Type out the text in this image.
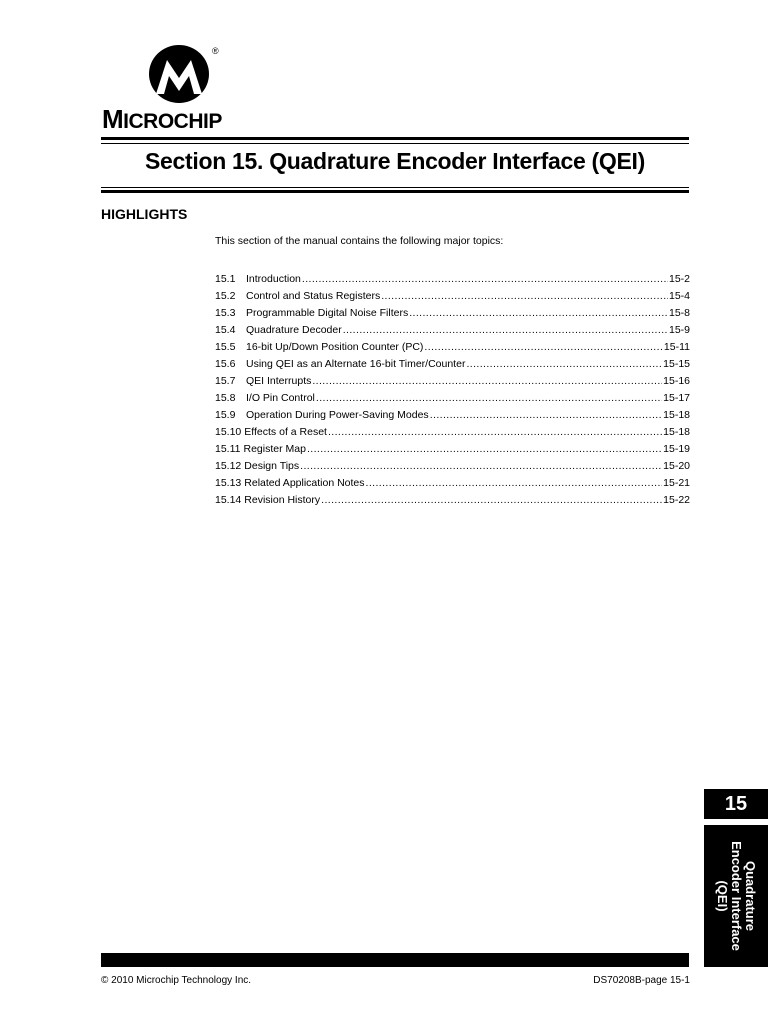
®
MICROCHIP
Section 15. Quadrature Encoder Interface (QEI)
HIGHLIGHTS
This section of the manual contains the following major topics:
15.1	Introduction .....	15-2
15.2	Control and Status Registers .....	15-4
15.3	Programmable Digital Noise Filters .....	15-8
15.4	Quadrature Decoder .....	15-9
15.5	16-bit Up/Down Position Counter (PC) .....	15-11
15.6	Using QEI as an Alternate 16-bit Timer/Counter .....	15-15
15.7	QEI Interrupts .....	15-16
15.8	I/O Pin Control .....	15-17
15.9	Operation During Power-Saving Modes .....	15-18
15.10 Effects of a Reset .....	15-18
15.11 Register Map .....	15-19
15.12 Design Tips .....	15-20
15.13 Related Application Notes .....	15-21
15.14 Revision History .....	15-22
15
Quadrature
Encoder Interface
(QEI)
© 2010 Microchip Technology Inc.	DS70208B-page 15-1
